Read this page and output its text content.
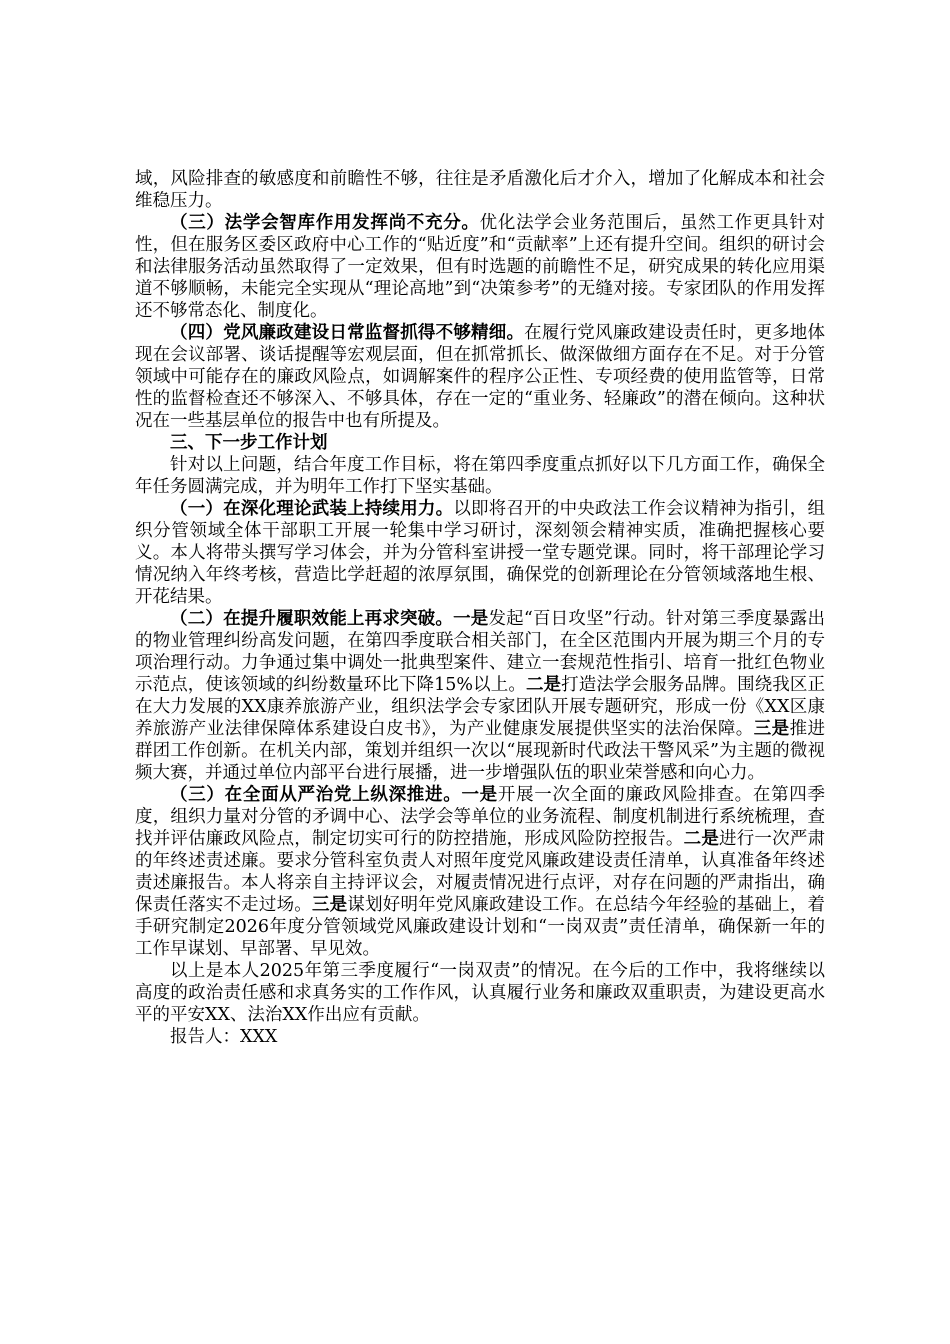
域，风险排查的敏感度和前瞻性不够，往往是矛盾激化后才介入，增加了化解成本和社会维稳压力。

（三）法学会智库作用发挥尚不充分。优化法学会业务范围后，虽然工作更具针对性，但在服务区委区政府中心工作的“贴近度”和“贡献率”上还有提升空间。组织的研讨会和法律服务活动虽然取得了一定效果，但有时选题的前瞻性不足，研究成果的转化应用渠道不够顺畅，未能完全实现从“理论高地”到“决策参考”的无缝对接。专家团队的作用发挥还不够常态化、制度化。

（四）党风廉政建设日常监督抓得不够精细。在履行党风廉政建设责任时，更多地体现在会议部署、谈话提醒等宏观层面，但在抓常抓长、做深做细方面存在不足。对于分管领域中可能存在的廉政风险点，如调解案件的程序公正性、专项经费的使用监管等，日常性的监督检查还不够深入、不够具体，存在一定的“重业务、轻廉政”的潜在倾向。这种状况在一些基层单位的报告中也有所提及。

三、下一步工作计划

针对以上问题，结合年度工作目标，将在第四季度重点抓好以下几方面工作，确保全年任务圆满完成，并为明年工作打下坚实基础。

（一）在深化理论武装上持续用力。以即将召开的中央政法工作会议精神为指引，组织分管领域全体干部职工开展一轮集中学习研讨，深刻领会精神实质，准确把握核心要义。本人将带头撰写学习体会，并为分管科室讲授一堂专题党课。同时，将干部理论学习情况纳入年终考核，营造比学赶超的浓厚氛围，确保党的创新理论在分管领域落地生根、开花结果。

（二）在提升履职效能上再求突破。一是发起“百日攻坚”行动。针对第三季度暴露出的物业管理纠纷高发问题，在第四季度联合相关部门，在全区范围内开展为期三个月的专项治理行动。力争通过集中调处一批典型案件、建立一套规范性指引、培育一批红色物业示范点，使该领域的纠纷数量环比下降15%以上。二是打造法学会服务品牌。围绕我区正在大力发展的XX康养旅游产业，组织法学会专家团队开展专题研究，形成一份《XX区康养旅游产业法律保障体系建设白皮书》，为产业健康发展提供坚实的法治保障。三是推进群团工作创新。在机关内部，策划并组织一次以“展现新时代政法干警风采”为主题的微视频大赛，并通过单位内部平台进行展播，进一步增强队伍的职业荣誉感和向心力。

（三）在全面从严治党上纵深推进。一是开展一次全面的廉政风险排查。在第四季度，组织力量对分管的矛调中心、法学会等单位的业务流程、制度机制进行系统梳理，查找并评估廉政风险点，制定切实可行的防控措施，形成风险防控报告。二是进行一次严肃的年终述责述廉。要求分管科室负责人对照年度党风廉政建设责任清单，认真准备年终述责述廉报告。本人将亲自主持评议会，对履责情况进行点评，对存在问题的严肃指出，确保责任落实不走过场。三是谋划好明年党风廉政建设工作。在总结今年经验的基础上，着手研究制定2026年度分管领域党风廉政建设计划和“一岗双责”责任清单，确保新一年的工作早谋划、早部署、早见效。

以上是本人2025年第三季度履行“一岗双责”的情况。在今后的工作中，我将继续以高度的政治责任感和求真务实的工作作风，认真履行业务和廉政双重职责，为建设更高水平的平安XX、法治XX作出应有贡献。

报告人：XXX
